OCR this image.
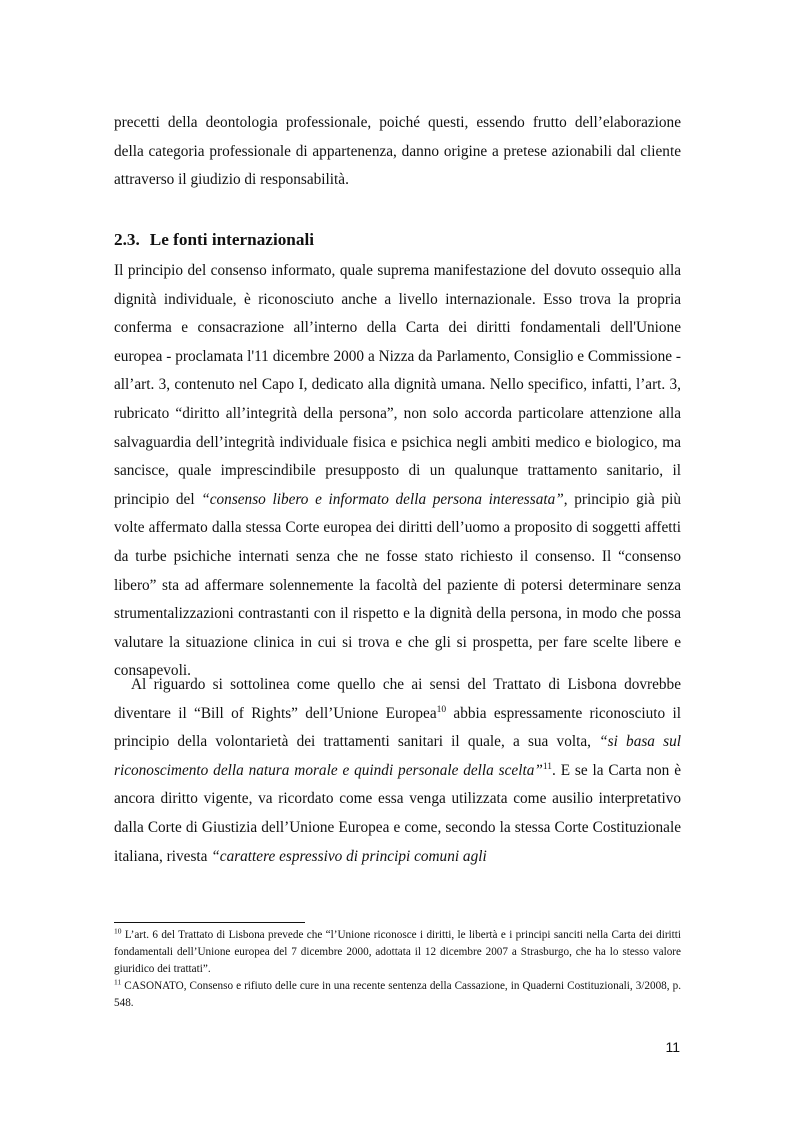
precetti della deontologia professionale, poiché questi, essendo frutto dell’elaborazione della categoria professionale di appartenenza, danno origine a pretese azionabili dal cliente attraverso il giudizio di responsabilità.

2.3. Le fonti internazionali

Il principio del consenso informato, quale suprema manifestazione del dovuto ossequio alla dignità individuale, è riconosciuto anche a livello internazionale. Esso trova la propria conferma e consacrazione all’interno della Carta dei diritti fondamentali dell'Unione europea - proclamata l'11 dicembre 2000 a Nizza da Parlamento, Consiglio e Commissione - all’art. 3, contenuto nel Capo I, dedicato alla dignità umana. Nello specifico, infatti, l’art. 3, rubricato “diritto all’integrità della persona”, non solo accorda particolare attenzione alla salvaguardia dell’integrità individuale fisica e psichica negli ambiti medico e biologico, ma sancisce, quale imprescindibile presupposto di un qualunque trattamento sanitario, il principio del “consenso libero e informato della persona interessata”, principio già più volte affermato dalla stessa Corte europea dei diritti dell’uomo a proposito di soggetti affetti da turbe psichiche internati senza che ne fosse stato richiesto il consenso. Il “consenso libero” sta ad affermare solennemente la facoltà del paziente di potersi determinare senza strumentalizzazioni contrastanti con il rispetto e la dignità della persona, in modo che possa valutare la situazione clinica in cui si trova e che gli si prospetta, per fare scelte libere e consapevoli.

Al riguardo si sottolinea come quello che ai sensi del Trattato di Lisbona dovrebbe diventare il “Bill of Rights” dell’Unione Europea$^{10}$ abbia espressamente riconosciuto il principio della volontarietà dei trattamenti sanitari il quale, a sua volta, “si basa sul riconoscimento della natura morale e quindi personale della scelta”$^{11}$. E se la Carta non è ancora diritto vigente, va ricordato come essa venga utilizzata come ausilio interpretativo dalla Corte di Giustizia dell’Unione Europea e come, secondo la stessa Corte Costituzionale italiana, rivesta “carattere espressivo di principi comuni agli

$^{10}$ L’art. 6 del Trattato di Lisbona prevede che “l’Unione riconosce i diritti, le libertà e i principi sanciti nella Carta dei diritti fondamentali dell’Unione europea del 7 dicembre 2000, adottata il 12 dicembre 2007 a Strasburgo, che ha lo stesso valore giuridico dei trattati”.

$^{11}$ CASONATO, Consenso e rifiuto delle cure in una recente sentenza della Cassazione, in Quaderni Costituzionali, 3/2008, p. 548.

11
